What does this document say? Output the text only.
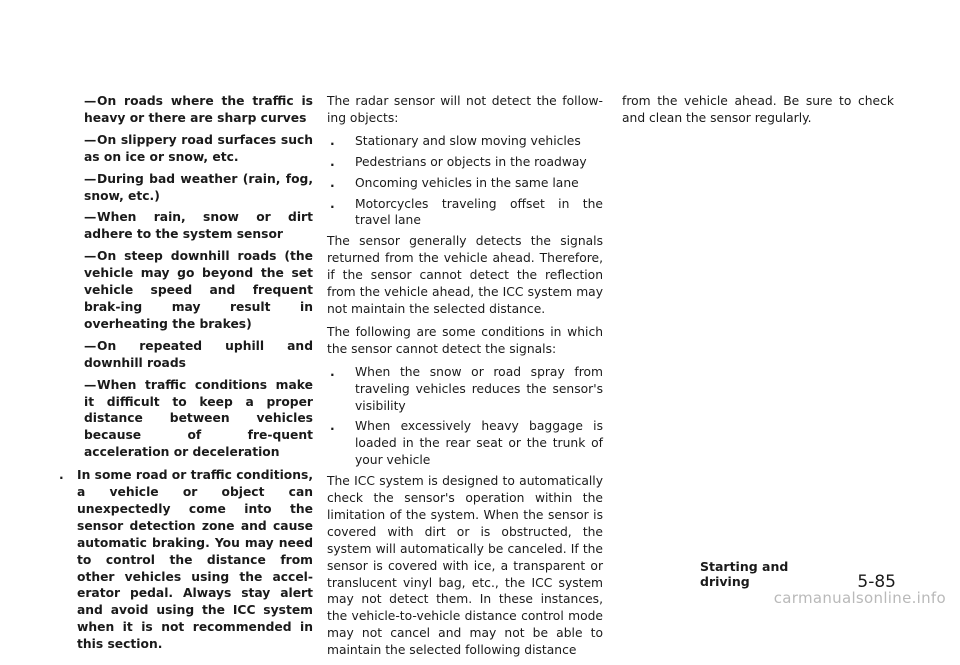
— On roads where the traffic is heavy or there are sharp curves
— On slippery road surfaces such as on ice or snow, etc.
— During bad weather (rain, fog, snow, etc.)
— When rain, snow or dirt adhere to the system sensor
— On steep downhill roads (the vehicle may go beyond the set vehicle speed and frequent brak-ing may result in overheating the brakes)
— On repeated uphill and downhill roads
— When traffic conditions make it difficult to keep a proper distance between vehicles because of fre-quent acceleration or deceleration
. In some road or traffic conditions, a vehicle or object can unexpectedly come into the sensor detection zone and cause automatic braking. You may need to control the distance from other vehicles using the accel-erator pedal. Always stay alert and avoid using the ICC system when it is not recommended in this section.

The radar sensor will not detect the follow-ing objects:

. Stationary and slow moving vehicles
. Pedestrians or objects in the roadway
. Oncoming vehicles in the same lane
. Motorcycles traveling offset in the travel lane

The sensor generally detects the signals returned from the vehicle ahead. Therefore, if the sensor cannot detect the reflection from the vehicle ahead, the ICC system may not maintain the selected distance.

The following are some conditions in which the sensor cannot detect the signals:

. When the snow or road spray from traveling vehicles reduces the sensor's visibility
. When excessively heavy baggage is loaded in the rear seat or the trunk of your vehicle

The ICC system is designed to automatically check the sensor's operation within the limitation of the system. When the sensor is covered with dirt or is obstructed, the system will automatically be canceled. If the sensor is covered with ice, a transparent or translucent vinyl bag, etc., the ICC system may not detect them. In these instances, the vehicle-to-vehicle distance control mode may not cancel and may not be able to maintain the selected following distance

from the vehicle ahead. Be sure to check and clean the sensor regularly.

Starting and driving	5-85
carmanualsonline.info
